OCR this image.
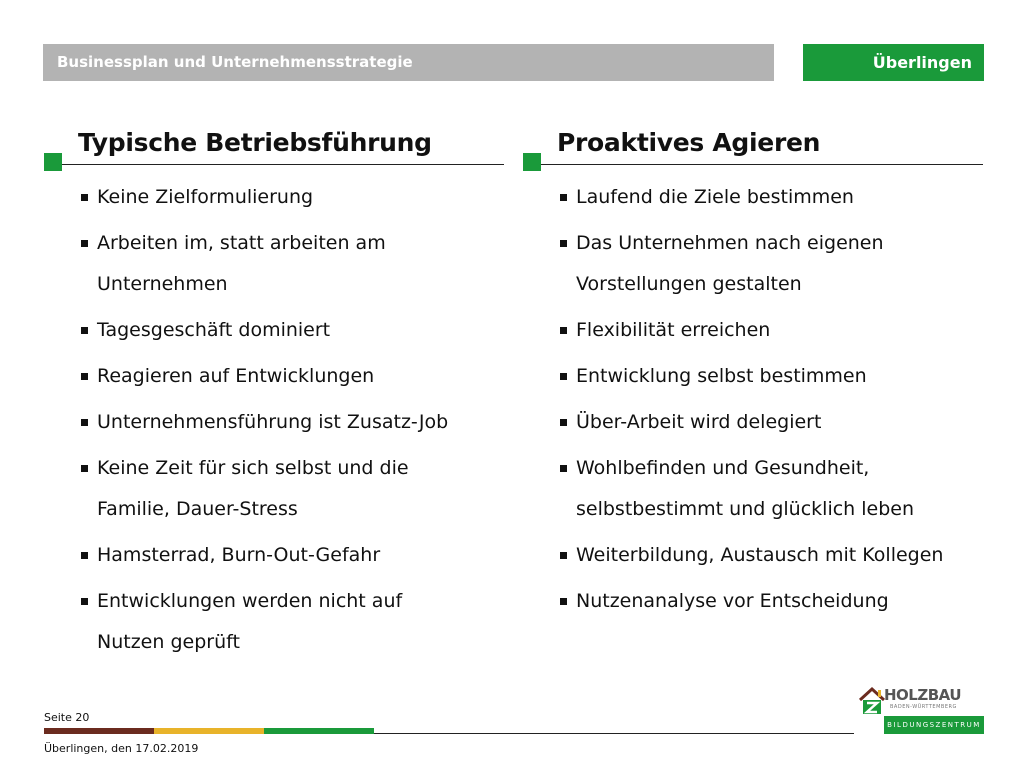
Businessplan und Unternehmensstrategie	Überlingen
Typische Betriebsführung
Keine Zielformulierung
Arbeiten im, statt arbeiten am
Unternehmen
Tagesgeschäft dominiert
Reagieren auf Entwicklungen
Unternehmensführung ist Zusatz-Job
Keine Zeit für sich selbst und die
Familie, Dauer-Stress
Hamsterrad, Burn-Out-Gefahr
Entwicklungen werden nicht auf
Nutzen geprüft
Proaktives Agieren
Laufend die Ziele bestimmen
Das Unternehmen nach eigenen
Vorstellungen gestalten
Flexibilität erreichen
Entwicklung selbst bestimmen
Über-Arbeit wird delegiert
Wohlbefinden und Gesundheit,
selbstbestimmt und glücklich leben
Weiterbildung, Austausch mit Kollegen
Nutzenanalyse vor Entscheidung
Seite 20
Überlingen, den 17.02.2019
HOLZBAU
BADEN-WÜRTTEMBERG
BILDUNGSZENTRUM
